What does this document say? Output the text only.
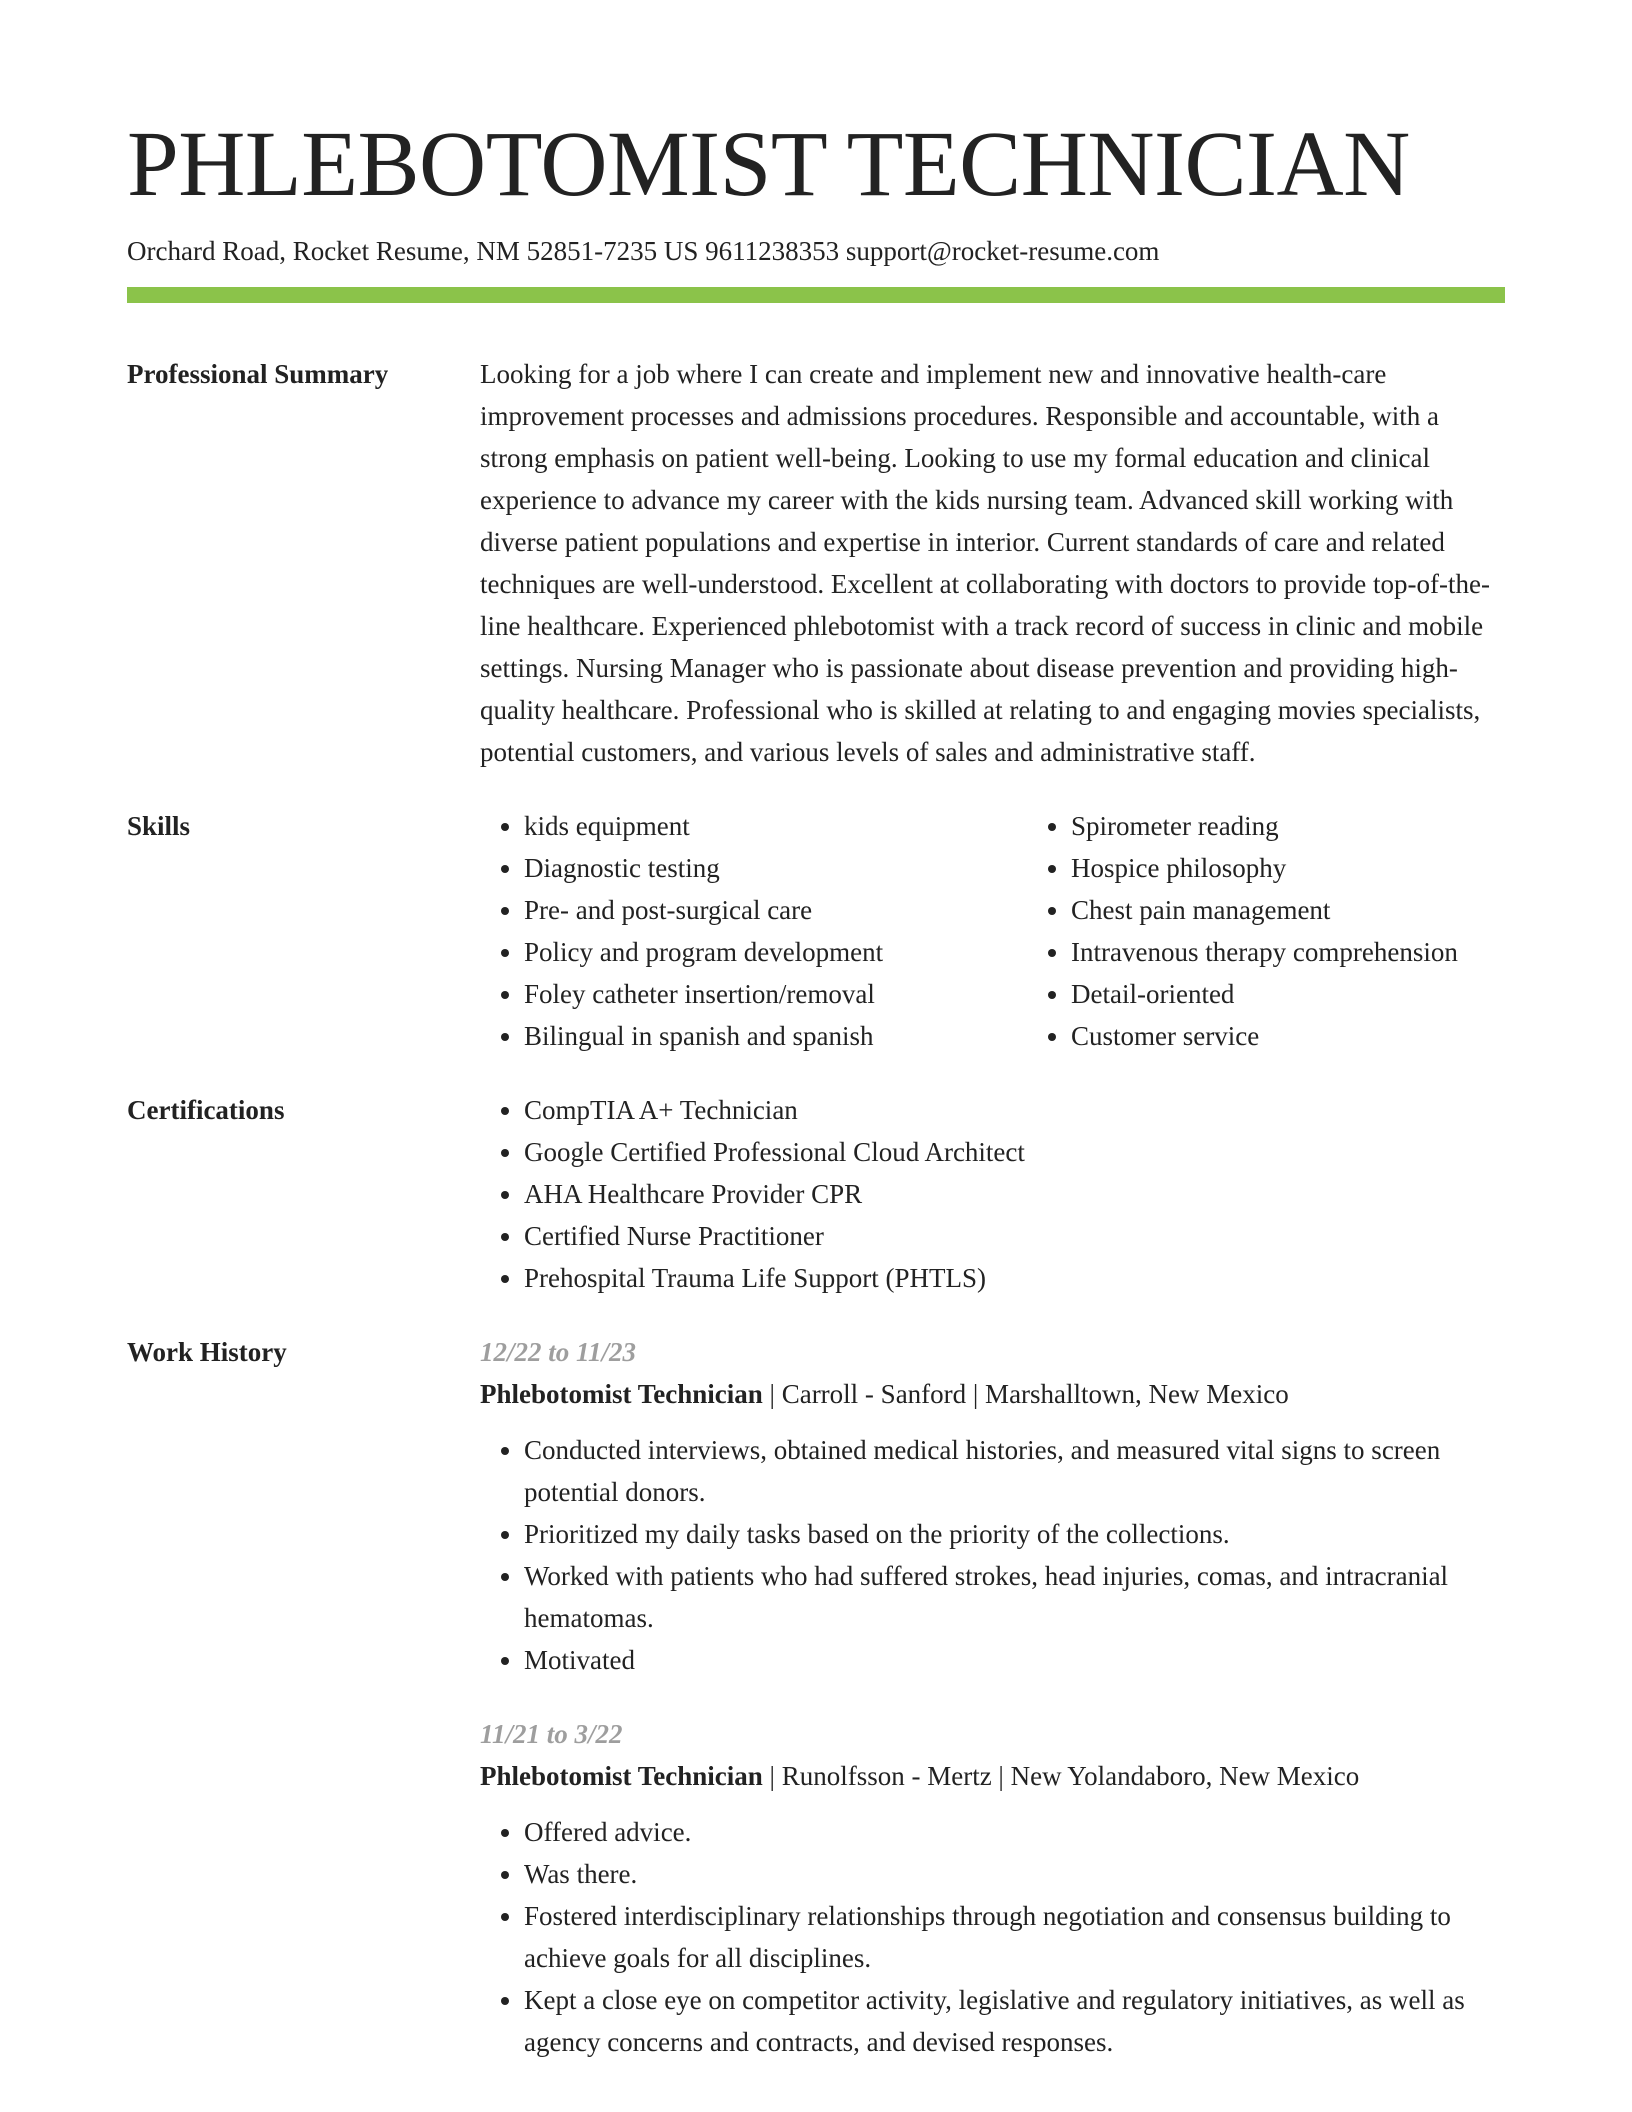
PHLEBOTOMIST TECHNICIAN
Orchard Road, Rocket Resume, NM 52851-7235 US 9611238353 support@rocket-resume.com
Professional Summary	Looking for a job where I can create and implement new and innovative health-care improvement processes and admissions procedures. Responsible and accountable, with a strong emphasis on patient well-being. Looking to use my formal education and clinical experience to advance my career with the kids nursing team. Advanced skill working with diverse patient populations and expertise in interior. Current standards of care and related techniques are well-understood. Excellent at collaborating with doctors to provide top-of-the-line healthcare. Experienced phlebotomist with a track record of success in clinic and mobile settings. Nursing Manager who is passionate about disease prevention and providing high-quality healthcare. Professional who is skilled at relating to and engaging movies specialists, potential customers, and various levels of sales and administrative staff.
Skills	• kids equipment
• Diagnostic testing
• Pre- and post-surgical care
• Policy and program development
• Foley catheter insertion/removal
• Bilingual in spanish and spanish
• Spirometer reading
• Hospice philosophy
• Chest pain management
• Intravenous therapy comprehension
• Detail-oriented
• Customer service
Certifications	• CompTIA A+ Technician
• Google Certified Professional Cloud Architect
• AHA Healthcare Provider CPR
• Certified Nurse Practitioner
• Prehospital Trauma Life Support (PHTLS)
Work History	12/22 to 11/23
Phlebotomist Technician | Carroll - Sanford | Marshalltown, New Mexico
• Conducted interviews, obtained medical histories, and measured vital signs to screen potential donors.
• Prioritized my daily tasks based on the priority of the collections.
• Worked with patients who had suffered strokes, head injuries, comas, and intracranial hematomas.
• Motivated
11/21 to 3/22
Phlebotomist Technician | Runolfsson - Mertz | New Yolandaboro, New Mexico
• Offered advice.
• Was there.
• Fostered interdisciplinary relationships through negotiation and consensus building to achieve goals for all disciplines.
• Kept a close eye on competitor activity, legislative and regulatory initiatives, as well as agency concerns and contracts, and devised responses.
